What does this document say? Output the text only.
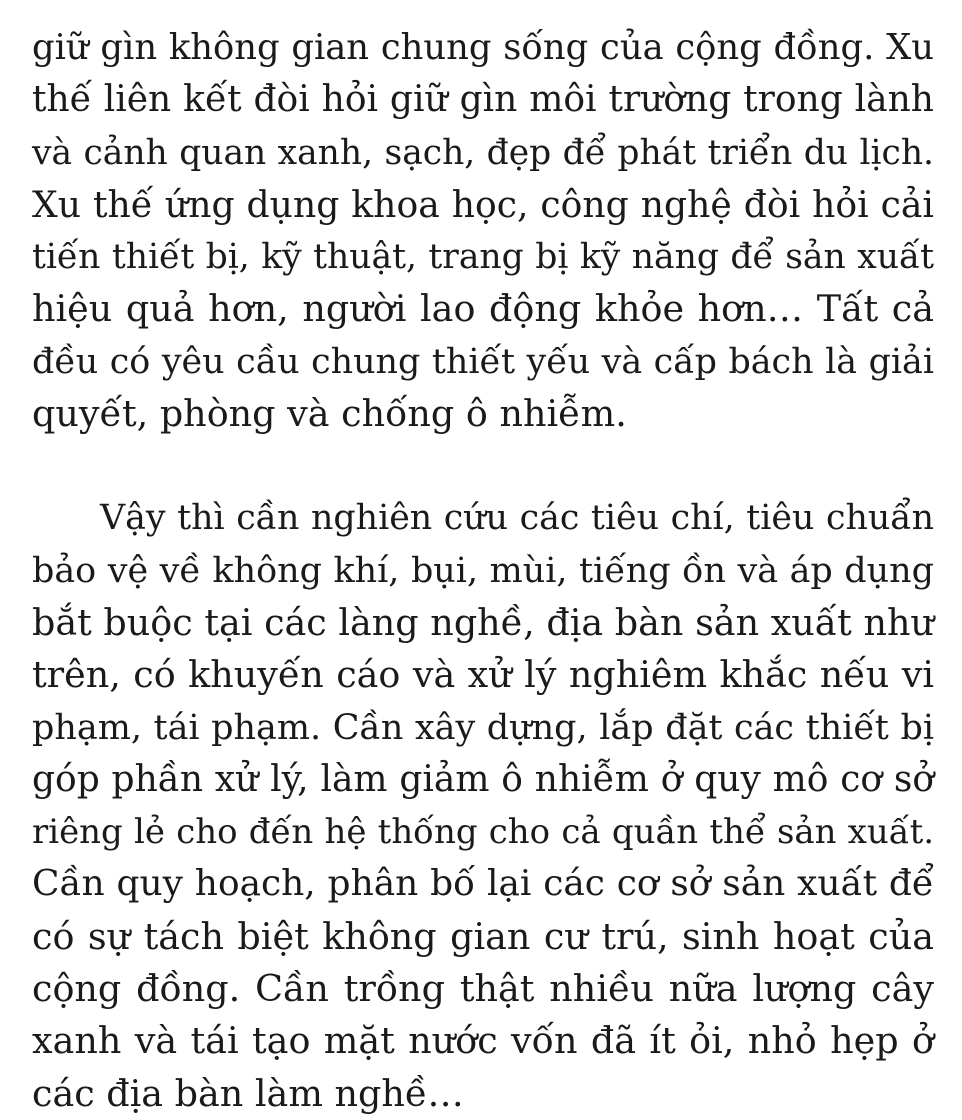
giữ gìn không gian chung sống của cộng đồng. Xu
thế liên kết đòi hỏi giữ gìn môi trường trong lành
và cảnh quan xanh, sạch, đẹp để phát triển du lịch.
Xu thế ứng dụng khoa học, công nghệ đòi hỏi cải
tiến thiết bị, kỹ thuật, trang bị kỹ năng để sản xuất
hiệu quả hơn, người lao động khỏe hơn… Tất cả
đều có yêu cầu chung thiết yếu và cấp bách là giải
quyết, phòng và chống ô nhiễm.

Vậy thì cần nghiên cứu các tiêu chí, tiêu chuẩn
bảo vệ về không khí, bụi, mùi, tiếng ồn và áp dụng
bắt buộc tại các làng nghề, địa bàn sản xuất như
trên, có khuyến cáo và xử lý nghiêm khắc nếu vi
phạm, tái phạm. Cần xây dựng, lắp đặt các thiết bị
góp phần xử lý, làm giảm ô nhiễm ở quy mô cơ sở
riêng lẻ cho đến hệ thống cho cả quần thể sản xuất.
Cần quy hoạch, phân bố lại các cơ sở sản xuất để
có sự tách biệt không gian cư trú, sinh hoạt của
cộng đồng. Cần trồng thật nhiều nữa lượng cây
xanh và tái tạo mặt nước vốn đã ít ỏi, nhỏ hẹp ở
các địa bàn làm nghề…
